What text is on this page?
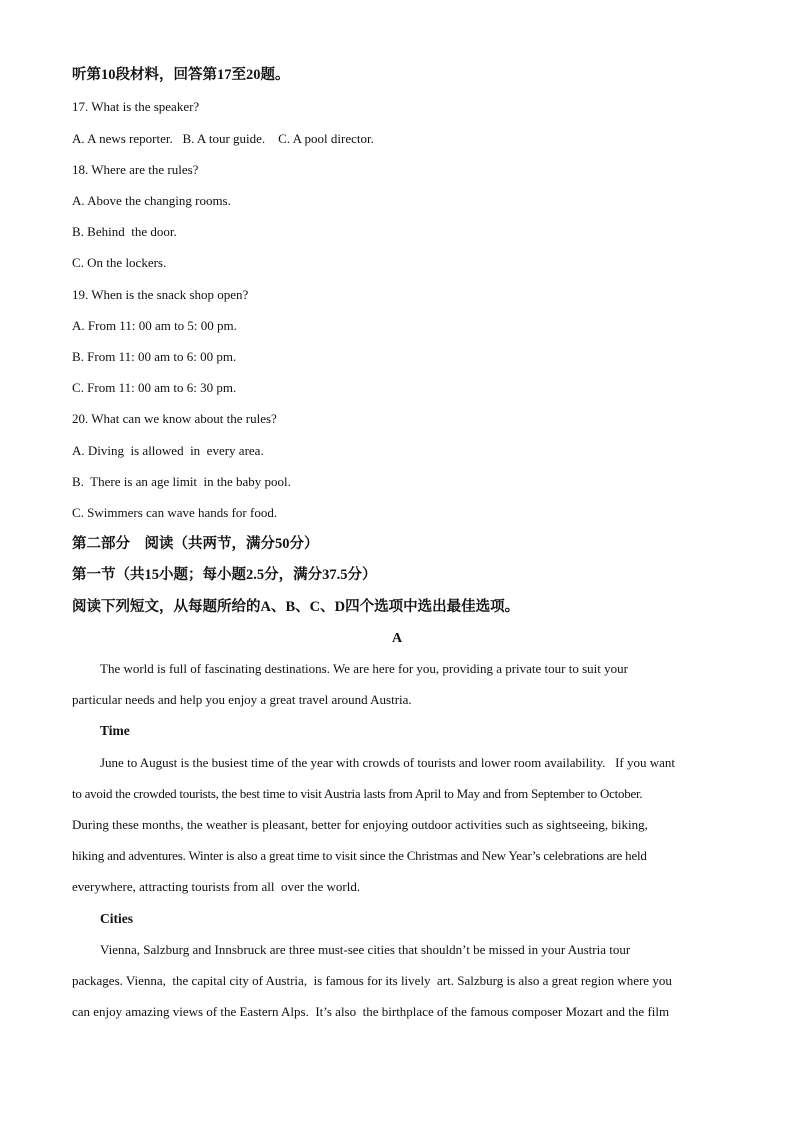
听第10段材料，回答第17至20题。
17. What is the speaker?
A. A news reporter.   B. A tour guide.    C. A pool director.
18. Where are the rules?
A. Above the changing rooms.
B. Behind  the door.
C. On the lockers.
19. When is the snack shop open?
A. From 11: 00 am to 5: 00 pm.
B. From 11: 00 am to 6: 00 pm.
C. From 11: 00 am to 6: 30 pm.
20. What can we know about the rules?
A. Diving  is allowed  in  every area.
B.  There is an age limit  in the baby pool.
C. Swimmers can wave hands for food.
第二部分    阅读（共两节，满分50分）
第一节（共15小题；每小题2.5分，满分37.5分）
阅读下列短文，从每题所给的A、B、C、D四个选项中选出最佳选项。
A
The world is full of fascinating destinations. We are here for you, providing a private tour to suit your
particular needs and help you enjoy a great travel around Austria.
Time
June to August is the busiest time of the year with crowds of tourists and lower room availability.   If you want
to avoid the crowded tourists, the best time to visit Austria lasts from April to May and from September to October.
During these months, the weather is pleasant, better for enjoying outdoor activities such as sightseeing, biking,
hiking and adventures. Winter is also a great time to visit since the Christmas and New Year’s celebrations are held
everywhere, attracting tourists from all  over the world.
Cities
Vienna, Salzburg and Innsbruck are three must-see cities that shouldn’t be missed in your Austria tour
packages. Vienna,  the capital city of Austria,  is famous for its lively  art. Salzburg is also a great region where you
can enjoy amazing views of the Eastern Alps.  It’s also  the birthplace of the famous composer Mozart and the film
